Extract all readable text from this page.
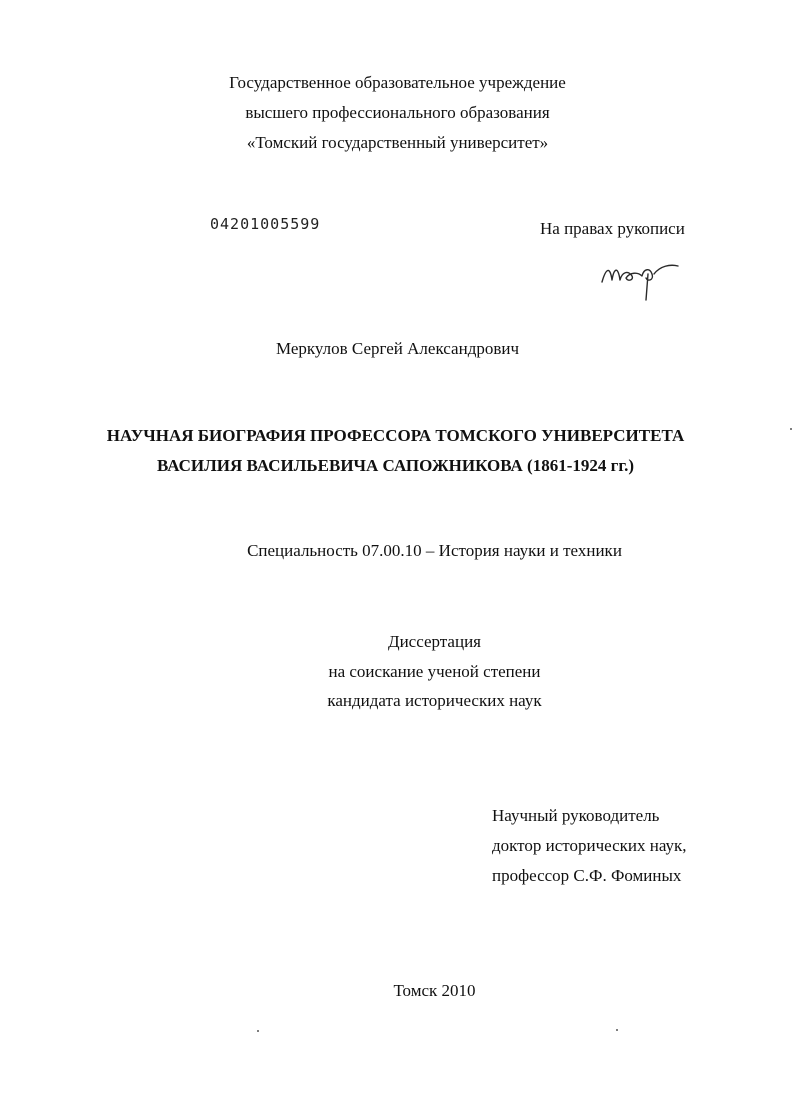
Государственное образовательное учреждение
высшего профессионального образования
«Томский государственный университет»
04201005599	На правах рукописи
Меркулов Сергей Александрович
НАУЧНАЯ БИОГРАФИЯ ПРОФЕССОРА ТОМСКОГО УНИВЕРСИТЕТА
ВАСИЛИЯ ВАСИЛЬЕВИЧА САПОЖНИКОВА (1861-1924 гг.)
Специальность 07.00.10 – История науки и техники
Диссертация
на соискание ученой степени
кандидата исторических наук
Научный руководитель
доктор исторических наук,
профессор С.Ф. Фоминых
Томск 2010
